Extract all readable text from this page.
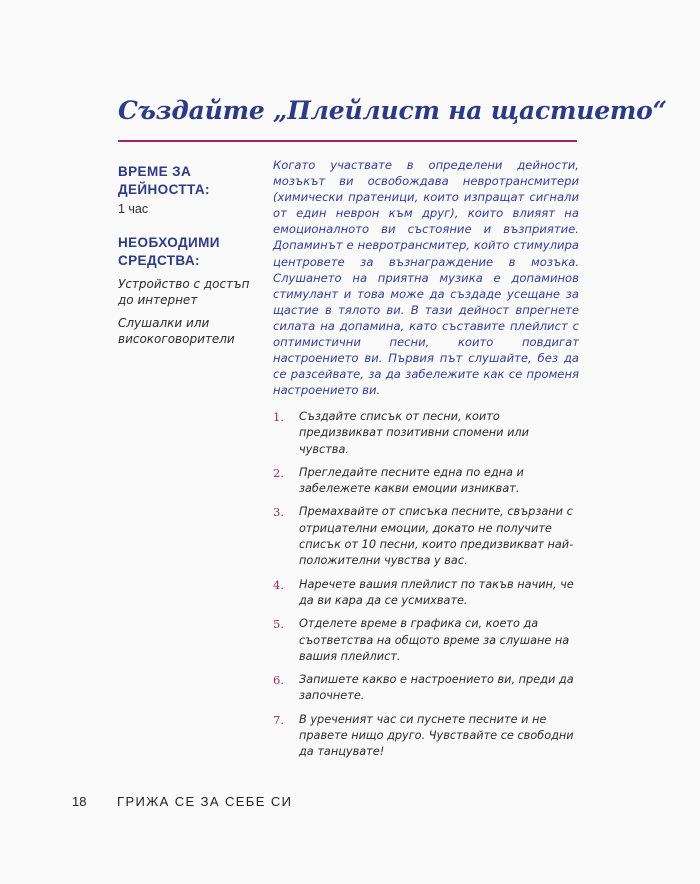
Създайте „Плейлист на щастието“
ВРЕМЕ ЗА ДЕЙНОСТТА:

1 час

НЕОБХОДИМИ СРЕДСТВА:

Устройство с достъп до интернет

Слушалки или високоговорители

Когато участвате в определени дейности, мозъкът ви освобождава невротрансмитери (химически пратеници, които изпращат сигнали от един неврон към друг), които влияят на емоционалното ви състояние и възприятие. Допаминът е невротрансмитер, който стимулира центровете за възнаграждение в мозъка. Слушането на приятна музика е допаминов стимулант и това може да създаде усещане за щастие в тялото ви. В тази дейност впрегнете силата на допамина, като съставите плейлист с оптимистични песни, които повдигат настроението ви. Първия път слушайте, без да се разсейвате, за да забележите как се променя настроението ви.

1.	Създайте списък от песни, които предизвикват позитивни спомени или чувства.
2.	Прегледайте песните една по една и забележете какви емоции изникват.
3.	Премахвайте от списъка песните, свързани с отрицателни емоции, докато не получите списък от 10 песни, които предизвикват най-положителни чувства у вас.
4.	Наречете вашия плейлист по такъв начин, че да ви кара да се усмихвате.
5.	Отделете време в графика си, което да съответства на общото време за слушане на вашия плейлист.
6.	Запишете какво е настроението ви, преди да започнете.
7.	В уреченият час си пуснете песните и не правете нищо друго. Чувствайте се свободни да танцувате!
18 ГРИЖА СЕ ЗА СЕБЕ СИ
